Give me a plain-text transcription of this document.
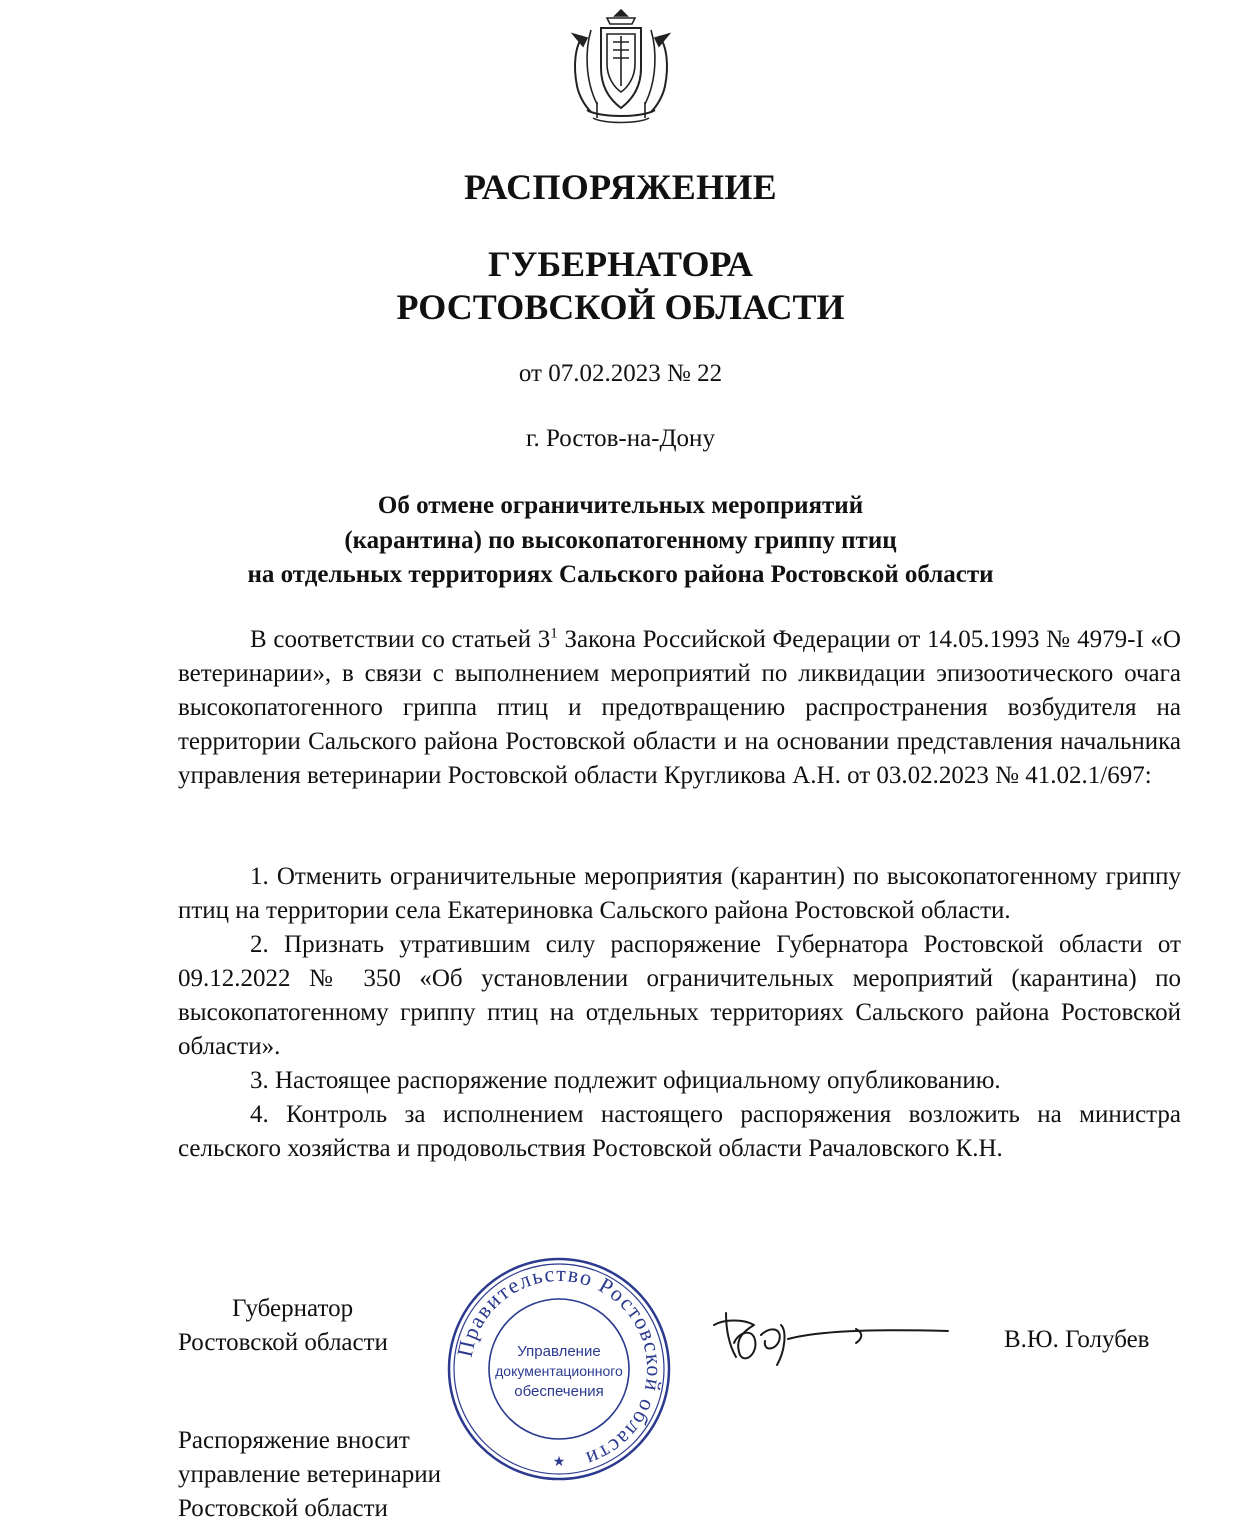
РАСПОРЯЖЕНИЕ
ГУБЕРНАТОРА
РОСТОВСКОЙ ОБЛАСТИ
от 07.02.2023 № 22
г. Ростов-на-Дону
Об отмене ограничительных мероприятий
(карантина) по высокопатогенному гриппу птиц
на отдельных территориях Сальского района Ростовской области

В соответствии со статьей $3^1$ Закона Российской Федерации от 14.05.1993 № 4979-I «О ветеринарии», в связи с выполнением мероприятий по ликвидации эпизоотического очага высокопатогенного гриппа птиц и предотвращению распространения возбудителя на территории Сальского района Ростовской области и на основании представления начальника управления ветеринарии Ростовской области Кругликова А.Н. от 03.02.2023 № 41.02.1/697:

1. Отменить ограничительные мероприятия (карантин) по высокопатогенному гриппу птиц на территории села Екатериновка Сальского района Ростовской области.

2. Признать утратившим силу распоряжение Губернатора Ростовской области от 09.12.2022 № 350 «Об установлении ограничительных мероприятий (карантина) по высокопатогенному гриппу птиц на отдельных территориях Сальского района Ростовской области».

3. Настоящее распоряжение подлежит официальному опубликованию.

4. Контроль за исполнением настоящего распоряжения возложить на министра сельского хозяйства и продовольствия Ростовской области Рачаловского К.Н.

Правительство Ростовской области
Управление
документационного
обеспечения
★
Губернатор
Ростовской области	В.Ю. Голубев
Распоряжение вносит
управление ветеринарии
Ростовской области
